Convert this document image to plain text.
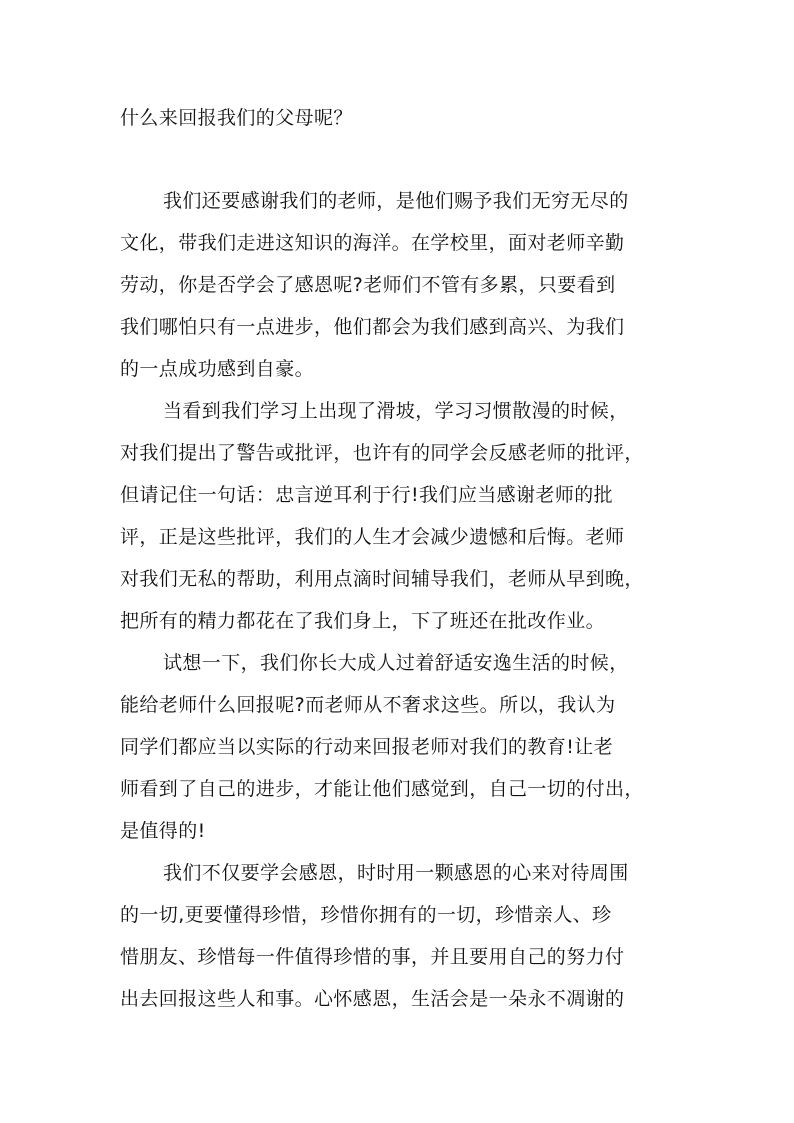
什么来回报我们的父母呢？
我们还要感谢我们的老师，是他们赐予我们无穷无尽的
文化，带我们走进这知识的海洋。在学校里，面对老师辛勤
劳动，你是否学会了感恩呢?老师们不管有多累，只要看到
我们哪怕只有一点进步，他们都会为我们感到高兴、为我们
的一点成功感到自豪。
当看到我们学习上出现了滑坡，学习习惯散漫的时候，
对我们提出了警告或批评，也许有的同学会反感老师的批评，
但请记住一句话：忠言逆耳利于行!我们应当感谢老师的批
评，正是这些批评，我们的人生才会减少遗憾和后悔。老师
对我们无私的帮助，利用点滴时间辅导我们，老师从早到晚，
把所有的精力都花在了我们身上，下了班还在批改作业。
试想一下，我们你长大成人过着舒适安逸生活的时候，
能给老师什么回报呢?而老师从不奢求这些。所以，我认为
同学们都应当以实际的行动来回报老师对我们的教育!让老
师看到了自己的进步，才能让他们感觉到，自己一切的付出，
是值得的!
我们不仅要学会感恩，时时用一颗感恩的心来对待周围
的一切,更要懂得珍惜，珍惜你拥有的一切，珍惜亲人、珍
惜朋友、珍惜每一件值得珍惜的事，并且要用自己的努力付
出去回报这些人和事。心怀感恩，生活会是一朵永不凋谢的
